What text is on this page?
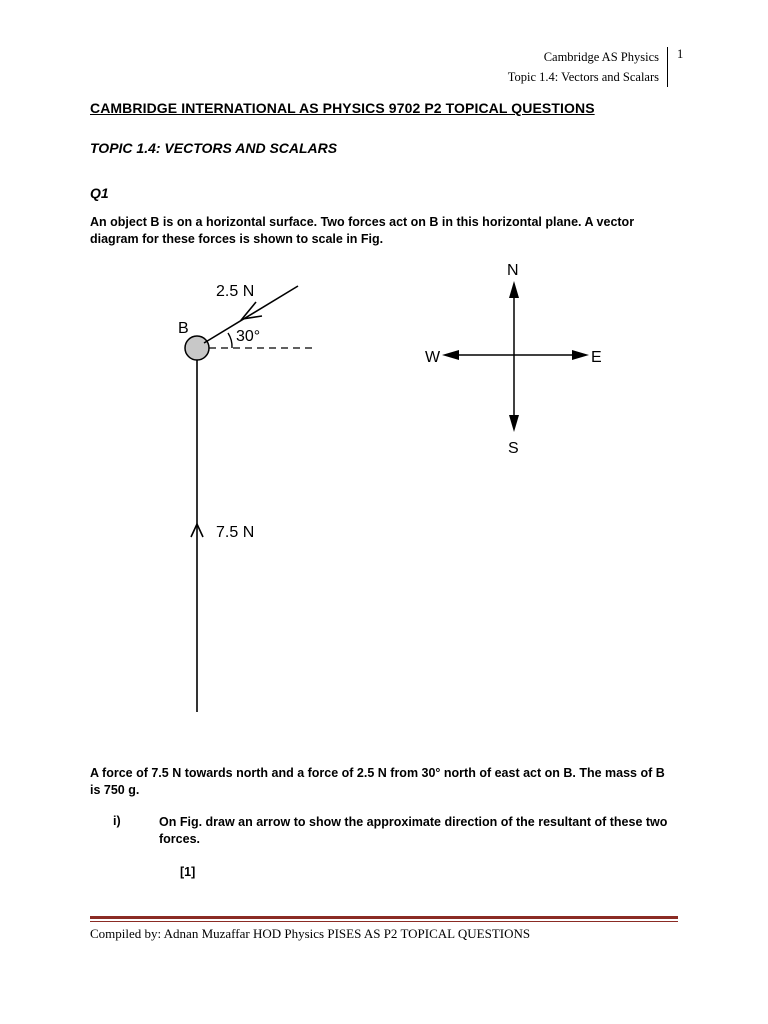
Cambridge AS Physics
Topic 1.4: Vectors and Scalars
1
CAMBRIDGE INTERNATIONAL AS PHYSICS 9702 P2 TOPICAL QUESTIONS
TOPIC 1.4: VECTORS AND SCALARS
Q1
An object B is on a horizontal surface. Two forces act on B in this horizontal plane. A vector diagram for these forces is shown to scale in Fig.
2.5 N
B	30°
7.5 N
N
S
W	E
A force of 7.5 N towards north and a force of 2.5 N from 30° north of east act on B. The mass of B is 750 g.
i)	On Fig. draw an arrow to show the approximate direction of the resultant of these two forces.
[1]
Compiled by: Adnan Muzaffar HOD Physics PISES AS P2 TOPICAL QUESTIONS
